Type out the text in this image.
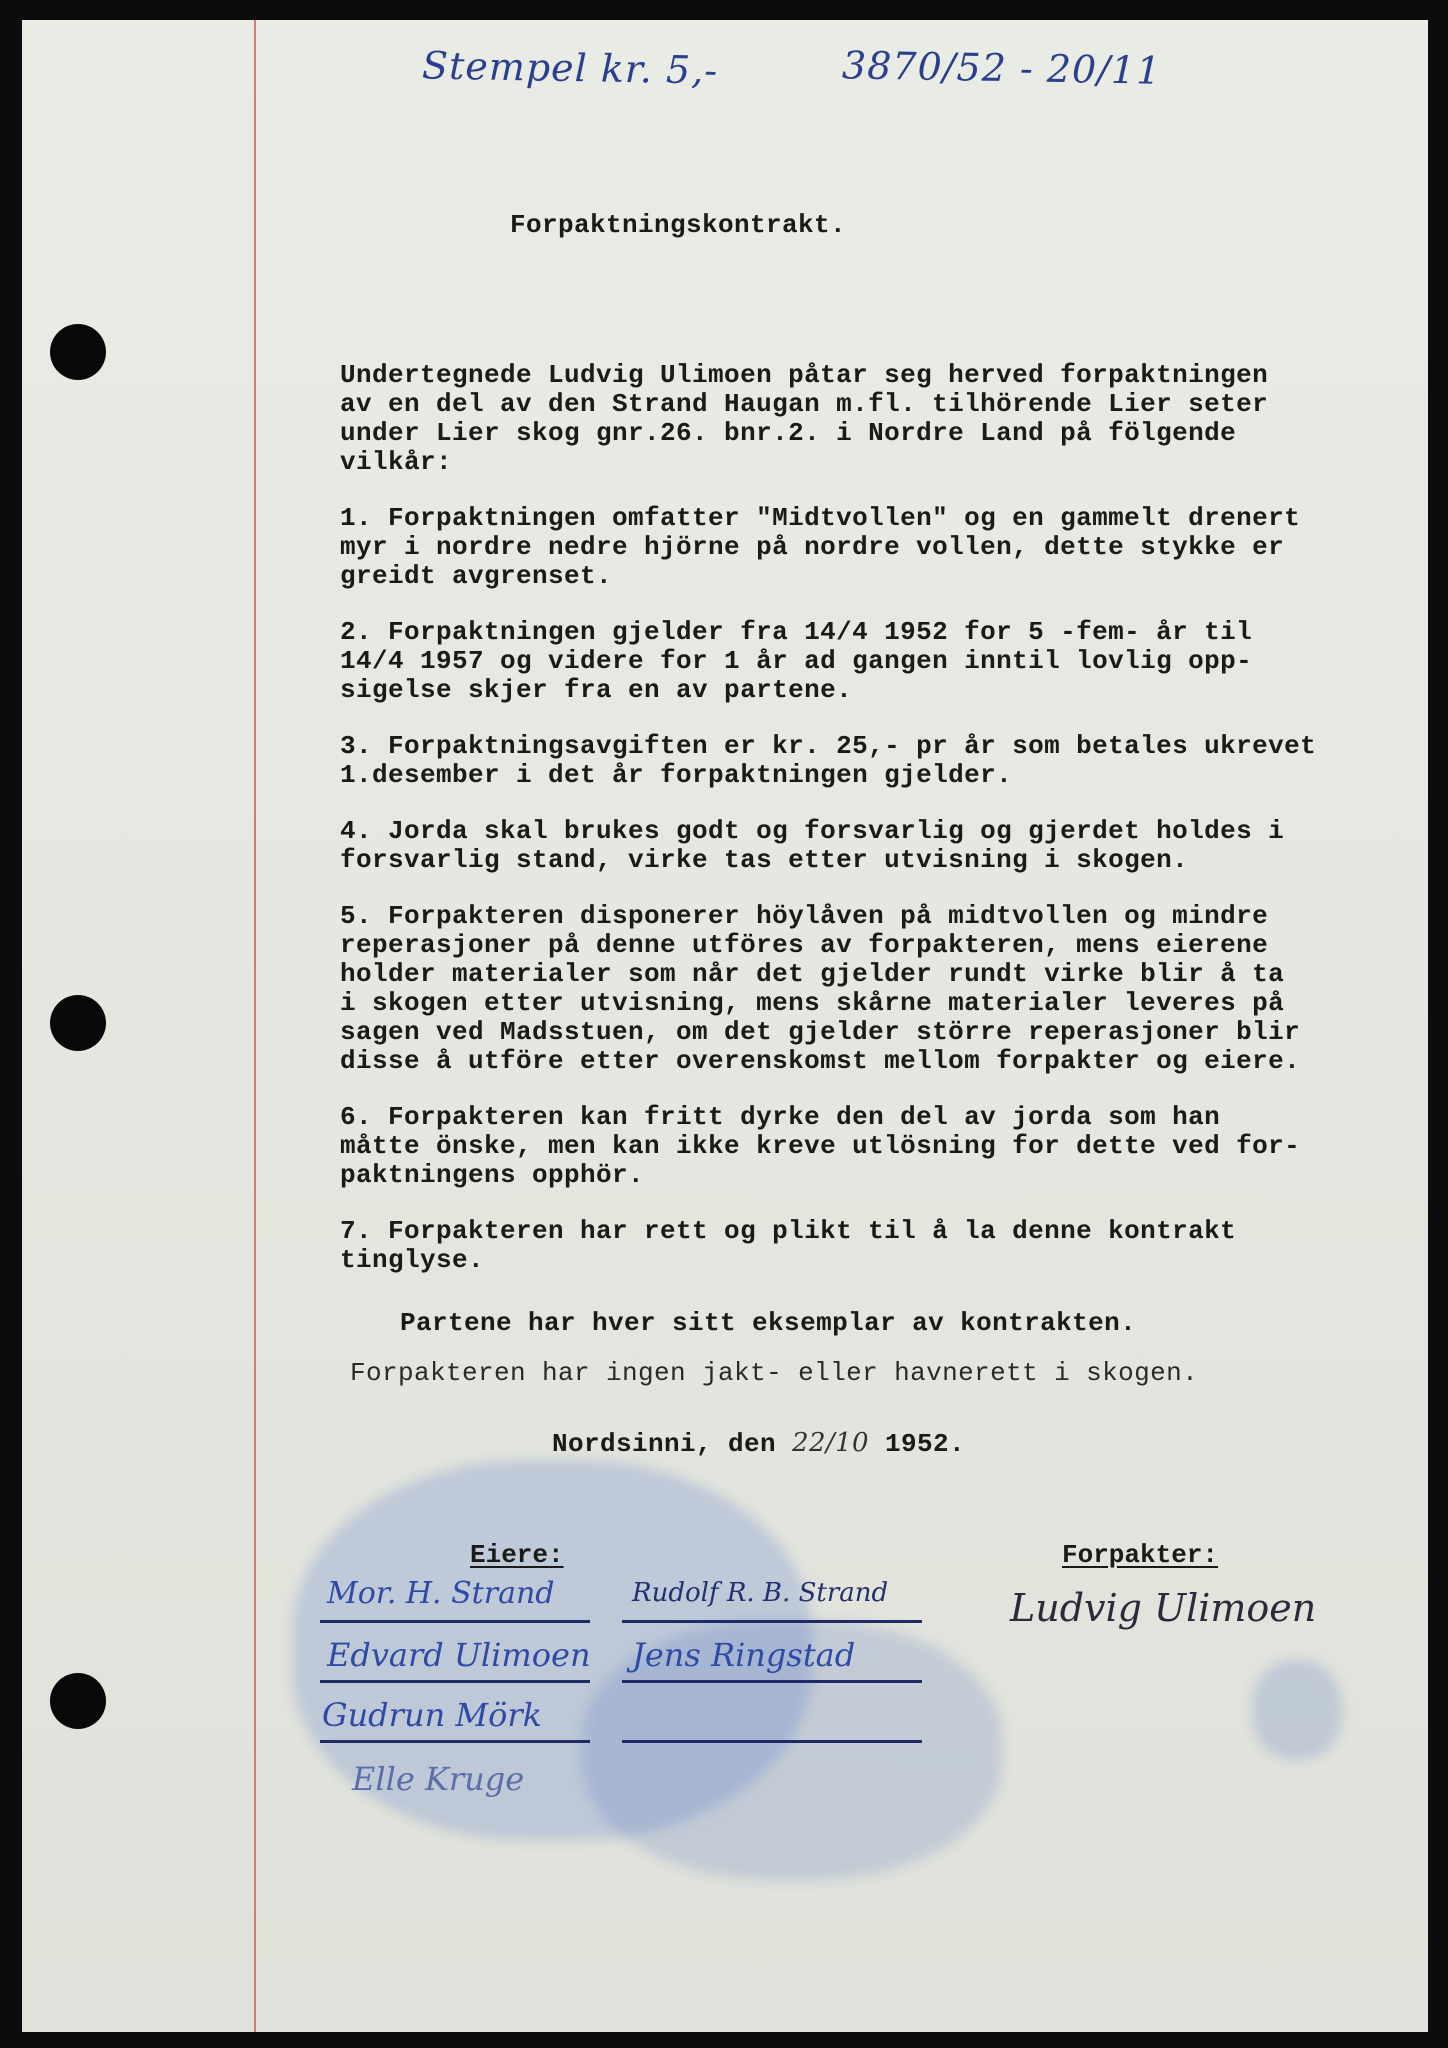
Stempel kr. 5,-	3870/52 - 20/11
Forpaktningskontrakt.
Undertegnede Ludvig Ulimoen påtar seg herved forpaktningen
av en del av den Strand Haugan m.fl. tilhörende Lier seter
under Lier skog gnr.26. bnr.2. i Nordre Land på fölgende
vilkår:
1. Forpaktningen omfatter "Midtvollen" og en gammelt drenert
myr i nordre nedre hjörne på nordre vollen, dette stykke er
greidt avgrenset.
2. Forpaktningen gjelder fra 14/4 1952 for 5 -fem- år til
14/4 1957 og videre for 1 år ad gangen inntil lovlig opp-
sigelse skjer fra en av partene.
3. Forpaktningsavgiften er kr. 25,- pr år som betales ukrevet
1.desember i det år forpaktningen gjelder.
4. Jorda skal brukes godt og forsvarlig og gjerdet holdes i
forsvarlig stand, virke tas etter utvisning i skogen.
5. Forpakteren disponerer höylåven på midtvollen og mindre
reperasjoner på denne utföres av forpakteren, mens eierene
holder materialer som når det gjelder rundt virke blir å ta
i skogen etter utvisning, mens skårne materialer leveres på
sagen ved Madsstuen, om det gjelder större reperasjoner blir
disse å utföre etter overenskomst mellom forpakter og eiere.
6. Forpakteren kan fritt dyrke den del av jorda som han
måtte önske, men kan ikke kreve utlösning for dette ved for-
paktningens opphör.
7. Forpakteren har rett og plikt til å la denne kontrakt
tinglyse.
Partene har hver sitt eksemplar av kontrakten.
Forpakteren har ingen jakt- eller havnerett i skogen.
Nordsinni, den 22/10 1952.
Eiere:	Forpakter:
Mor. H. Strand	Rudolf R. B. Strand
Edvard Ulimoen Jens Ringstad
Gudrun Mörk
Elle Kruge
Ludvig Ulimoen
